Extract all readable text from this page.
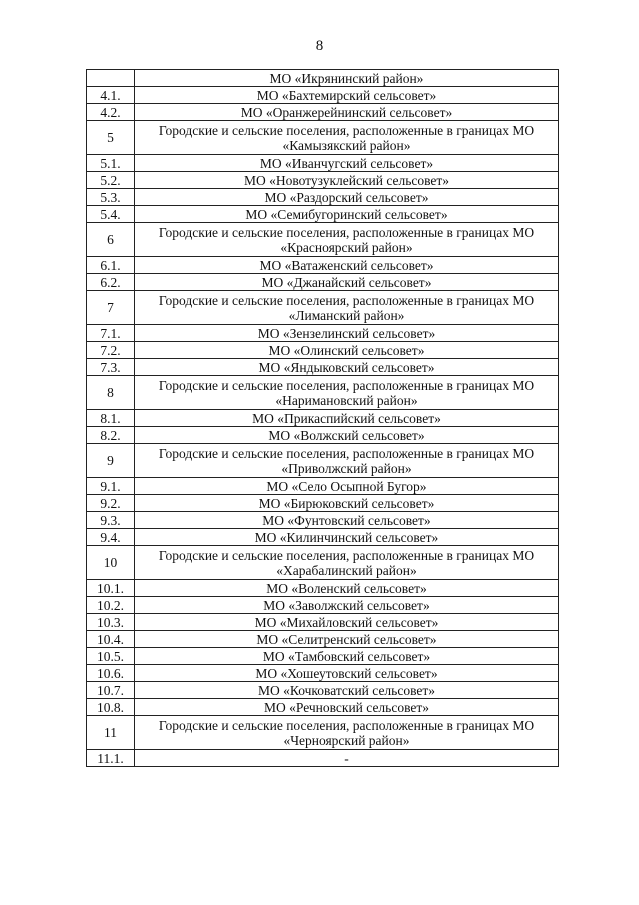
8
	МО «Икрянинский район»
4.1.	МО «Бахтемирский сельсовет»
4.2.	МО «Оранжерейнинский сельсовет»
5	Городские и сельские поселения, расположенные в границах МО «Камызякский район»
5.1.	МО «Иванчугский сельсовет»
5.2.	МО «Новотузуклейский сельсовет»
5.3.	МО «Раздорский сельсовет»
5.4.	МО «Семибугоринский сельсовет»
6	Городские и сельские поселения, расположенные в границах МО «Красноярский район»
6.1.	МО «Ватаженский сельсовет»
6.2.	МО «Джанайский сельсовет»
7	Городские и сельские поселения, расположенные в границах МО «Лиманский район»
7.1.	МО «Зензелинский сельсовет»
7.2.	МО «Олинский сельсовет»
7.3.	МО «Яндыковский сельсовет»
8	Городские и сельские поселения, расположенные в границах МО «Наримановский район»
8.1.	МО «Прикаспийский сельсовет»
8.2.	МО «Волжский сельсовет»
9	Городские и сельские поселения, расположенные в границах МО «Приволжский район»
9.1.	МО «Село Осыпной Бугор»
9.2.	МО «Бирюковский сельсовет»
9.3.	МО «Фунтовский сельсовет»
9.4.	МО «Килинчинский сельсовет»
10	Городские и сельские поселения, расположенные в границах МО «Харабалинский район»
10.1.	МО «Воленский сельсовет»
10.2.	МО «Заволжский сельсовет»
10.3.	МО «Михайловский сельсовет»
10.4.	МО «Селитренский сельсовет»
10.5.	МО «Тамбовский сельсовет»
10.6.	МО «Хошеутовский сельсовет»
10.7.	МО «Кочковатский сельсовет»
10.8.	МО «Речновский сельсовет»
11	Городские и сельские поселения, расположенные в границах МО «Черноярский район»
11.1.	-
